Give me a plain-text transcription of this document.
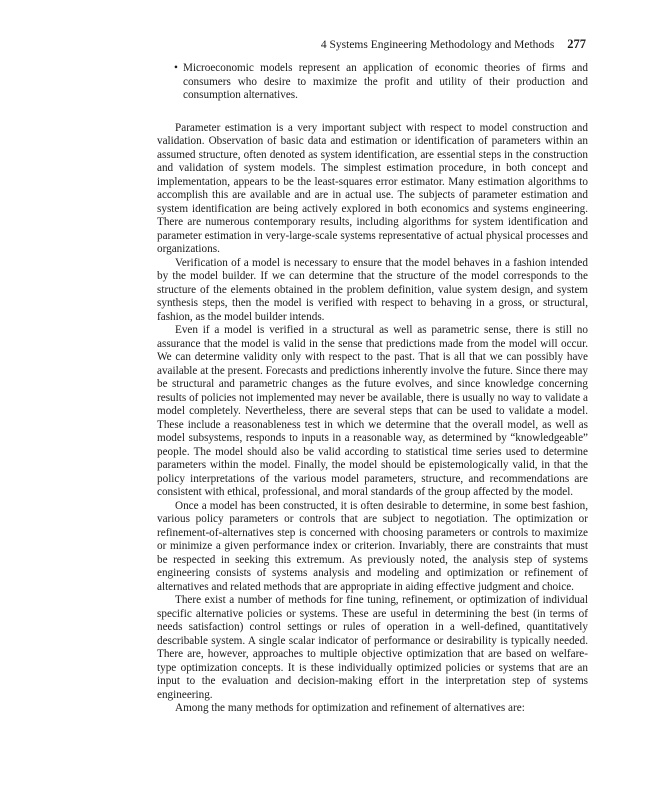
4 Systems Engineering Methodology and Methods 277
• Microeconomic models represent an application of economic theories of firms and consumers who desire to maximize the profit and utility of their production and consumption alternatives.

Parameter estimation is a very important subject with respect to model construction and validation. Observation of basic data and estimation or identification of parameters within an assumed structure, often denoted as system identification, are essential steps in the construction and validation of system models. The simplest estimation procedure, in both concept and implementation, appears to be the least-squares error estimator. Many estimation algorithms to accomplish this are available and are in actual use. The subjects of parameter estimation and system identification are being actively explored in both economics and systems engineering. There are numerous contemporary results, including algorithms for system identification and parameter estimation in very-large-scale systems representative of actual physical processes and organizations.

Verification of a model is necessary to ensure that the model behaves in a fashion intended by the model builder. If we can determine that the structure of the model corresponds to the structure of the elements obtained in the problem definition, value system design, and system synthesis steps, then the model is verified with respect to behaving in a gross, or structural, fashion, as the model builder intends.

Even if a model is verified in a structural as well as parametric sense, there is still no assurance that the model is valid in the sense that predictions made from the model will occur. We can determine validity only with respect to the past. That is all that we can possibly have available at the present. Forecasts and predictions inherently involve the future. Since there may be structural and parametric changes as the future evolves, and since knowledge concerning results of policies not implemented may never be available, there is usually no way to validate a model completely. Nevertheless, there are several steps that can be used to validate a model. These include a reasonableness test in which we determine that the overall model, as well as model subsystems, responds to inputs in a reasonable way, as determined by “knowledgeable” people. The model should also be valid according to statistical time series used to determine parameters within the model. Finally, the model should be epistemologically valid, in that the policy interpretations of the various model parameters, structure, and recommendations are consistent with ethical, professional, and moral standards of the group affected by the model.

Once a model has been constructed, it is often desirable to determine, in some best fashion, various policy parameters or controls that are subject to negotiation. The optimization or refinement-of-alternatives step is concerned with choosing parameters or controls to maximize or minimize a given performance index or criterion. Invariably, there are constraints that must be respected in seeking this extremum. As previously noted, the analysis step of systems engineering consists of systems analysis and modeling and optimization or refinement of alternatives and related methods that are appropriate in aiding effective judgment and choice.

There exist a number of methods for fine tuning, refinement, or optimization of individual specific alternative policies or systems. These are useful in determining the best (in terms of needs satisfaction) control settings or rules of operation in a well-defined, quantitatively describable system. A single scalar indicator of performance or desirability is typically needed. There are, however, approaches to multiple objective optimization that are based on welfare-type optimization concepts. It is these individually optimized policies or systems that are an input to the evaluation and decision-making effort in the interpretation step of systems engineering.

Among the many methods for optimization and refinement of alternatives are:
